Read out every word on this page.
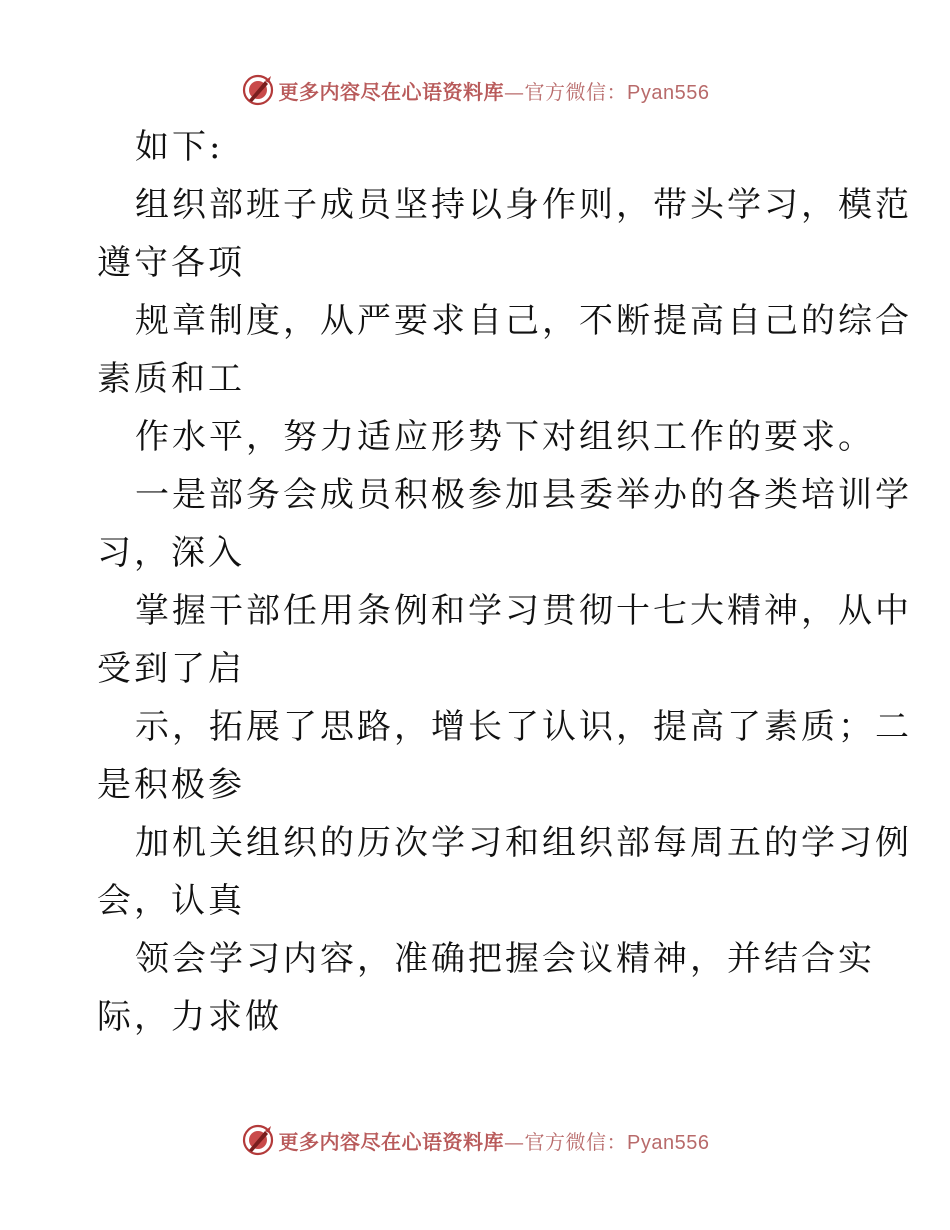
更多内容尽在心语资料库—官方微信：Pyan556
如下:
组织部班子成员坚持以身作则，带头学习，模范
遵守各项
规章制度，从严要求自己，不断提高自己的综合
素质和工
作水平，努力适应形势下对组织工作的要求。
一是部务会成员积极参加县委举办的各类培训学
习，深入
掌握干部任用条例和学习贯彻十七大精神，从中
受到了启
示，拓展了思路，增长了认识，提高了素质；二
是积极参
加机关组织的历次学习和组织部每周五的学习例
会，认真
领会学习内容，准确把握会议精神，并结合实
际，力求做
更多内容尽在心语资料库—官方微信：Pyan556
